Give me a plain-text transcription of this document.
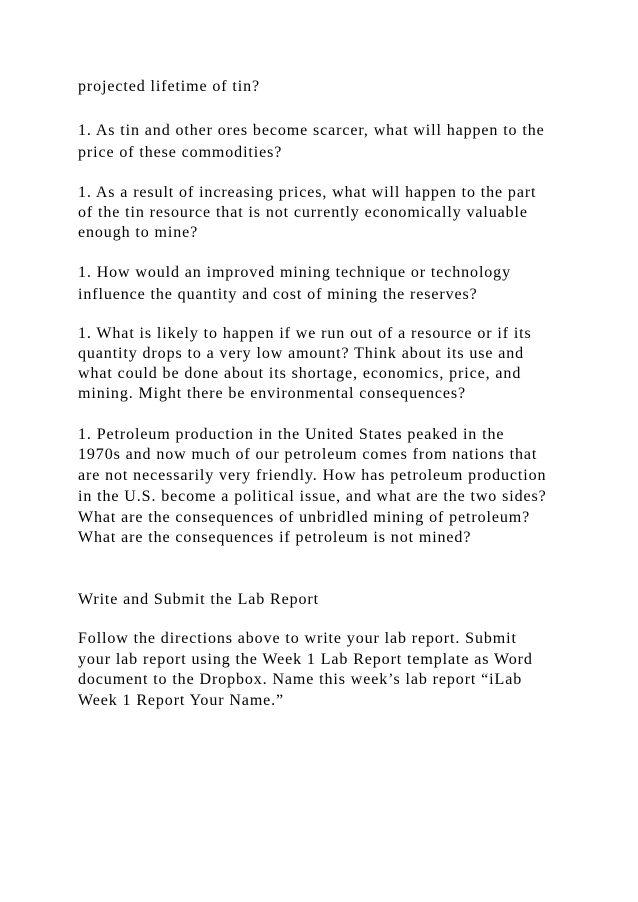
projected lifetime of tin?

1. As tin and other ores become scarcer, what will happen to the

price of these commodities?

1. As a result of increasing prices, what will happen to the part

of the tin resource that is not currently economically valuable

enough to mine?

1. How would an improved mining technique or technology

influence the quantity and cost of mining the reserves?

1. What is likely to happen if we run out of a resource or if its

quantity drops to a very low amount? Think about its use and

what could be done about its shortage, economics, price, and

mining. Might there be environmental consequences?

1. Petroleum production in the United States peaked in the

1970s and now much of our petroleum comes from nations that

are not necessarily very friendly. How has petroleum production

in the U.S. become a political issue, and what are the two sides?

What are the consequences of unbridled mining of petroleum?

What are the consequences if petroleum is not mined?

Write and Submit the Lab Report

Follow the directions above to write your lab report. Submit

your lab report using the Week 1 Lab Report template as Word

document to the Dropbox. Name this week’s lab report “iLab

Week 1 Report Your Name.”
